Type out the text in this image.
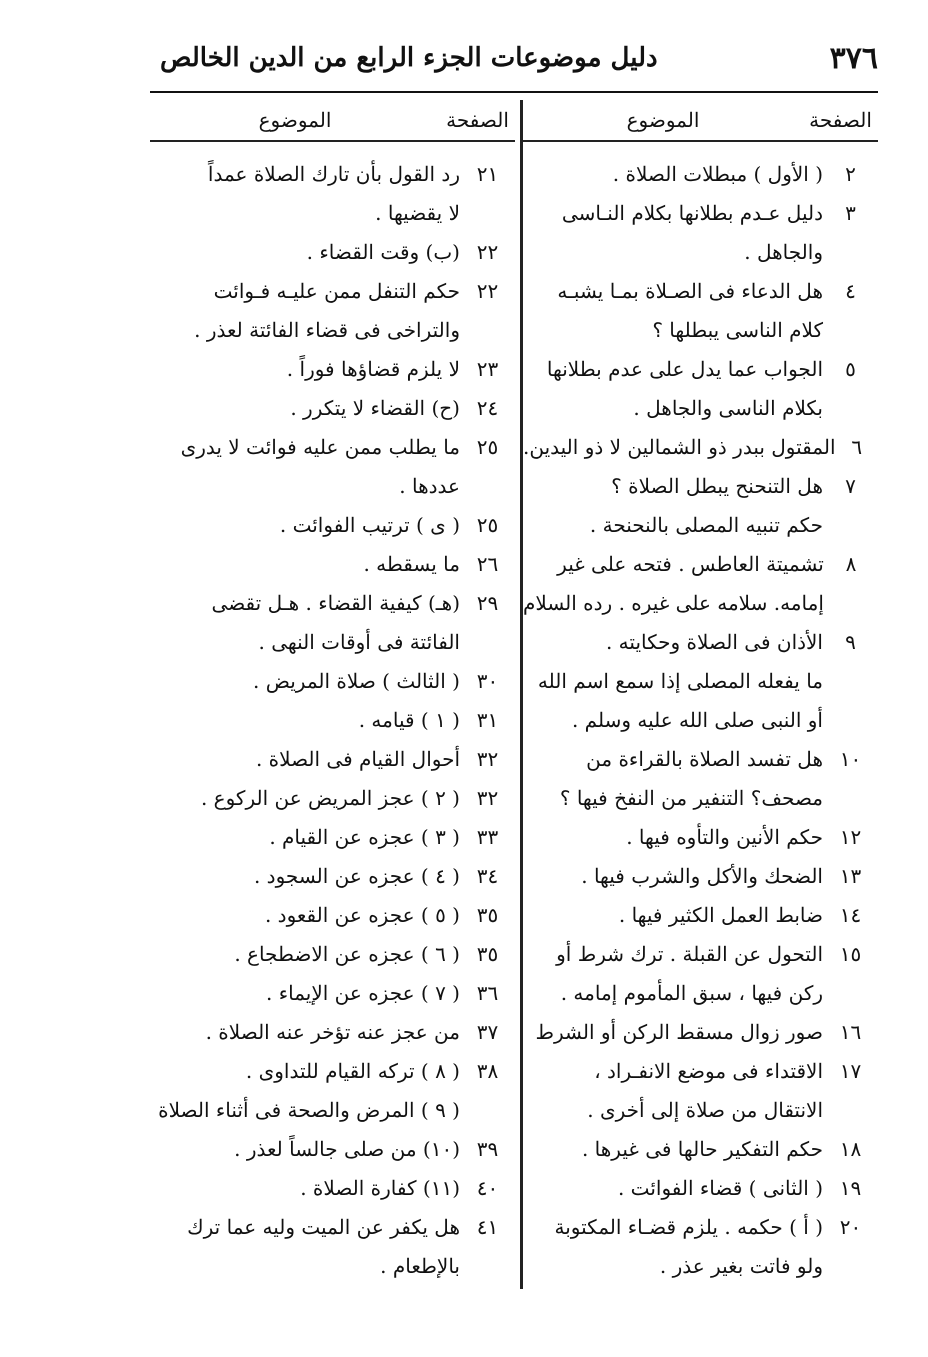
٣٧٦
دليل موضوعات الجزء الرابع من الدين الخالص
الصفحة
الموضوع
٢
( الأول ) مبطلات الصلاة .
٣
دليل عـدم بطلانها بكلام النـاسى
والجاهل .
٤
هل الدعاء فى الصـلاة بمـا يشبـه
كلام الناسى يبطلها ؟
٥
الجواب عما يدل على عدم بطلانها
بكلام الناسى والجاهل .
٦
المقتول ببدر ذو الشمالين لا ذو اليدين.
٧
هل التنحنح يبطل الصلاة ؟
حكم تنبيه المصلى بالنحنحة .
٨
تشميتة العاطس . فتحه على غير
إمامه. سلامه على غيره . رده السلام
٩
الأذان فى الصلاة وحكايته .
ما يفعله المصلى إذا سمع اسم الله
أو النبى صلى الله عليه وسلم .
١٠
هل تفسد الصلاة بالقراءة من
مصحف؟ التنفير من النفخ فيها ؟
١٢
حكم الأنين والتأوه فيها .
١٣
الضحك والأكل والشرب فيها .
١٤
ضابط العمل الكثير فيها .
١٥
التحول عن القبلة . ترك شرط أو
ركن فيها ، سبق المأموم إمامه .
١٦
صور زوال مسقط الركن أو الشرط
١٧
الاقتداء فى موضع الانفـراد ،
الانتقال من صلاة إلى أخرى .
١٨
حكم التفكير حالها فى غيرها .
١٩
( الثانى ) قضاء الفوائت .
٢٠
( أ ) حكمه . يلزم قضـاء المكتوبة
ولو فاتت بغير عذر .
الصفحة
الموضوع
٢١
رد القول بأن تارك الصلاة عمداً
لا يقضيها .
٢٢
(ب) وقت القضاء .
٢٢
حكم التنفل ممن عليـه فـوائت
والتراخى فى قضاء الفائتة لعذر .
٢٣
لا يلزم قضاؤها فوراً .
٢٤
(ح) القضاء لا يتكرر .
٢٥
ما يطلب ممن عليه فوائت لا يدرى
عددها .
٢٥
( ى ) ترتيب الفوائت .
٢٦
ما يسقطه .
٢٩
(هـ) كيفية القضاء . هـل تقضى
الفائتة فى أوقات النهى .
٣٠
( الثالث ) صلاة المريض .
٣١
( ١ ) قيامه .
٣٢
أحوال القيام فى الصلاة .
٣٢
( ٢ ) عجز المريض عن الركوع .
٣٣
( ٣ ) عجزه عن القيام .
٣٤
( ٤ ) عجزه عن السجود .
٣٥
( ٥ ) عجزه عن القعود .
٣٥
( ٦ ) عجزه عن الاضطجاع .
٣٦
( ٧ ) عجزه عن الإيماء .
٣٧
من عجز عنه تؤخر عنه الصلاة .
٣٨
( ٨ ) تركه القيام للتداوى .
( ٩ ) المرض والصحة فى أثناء الصلاة
٣٩
(١٠) من صلى جالساً لعذر .
٤٠
(١١) كفارة الصلاة .
٤١
هل يكفر عن الميت وليه عما ترك
بالإطعام .
